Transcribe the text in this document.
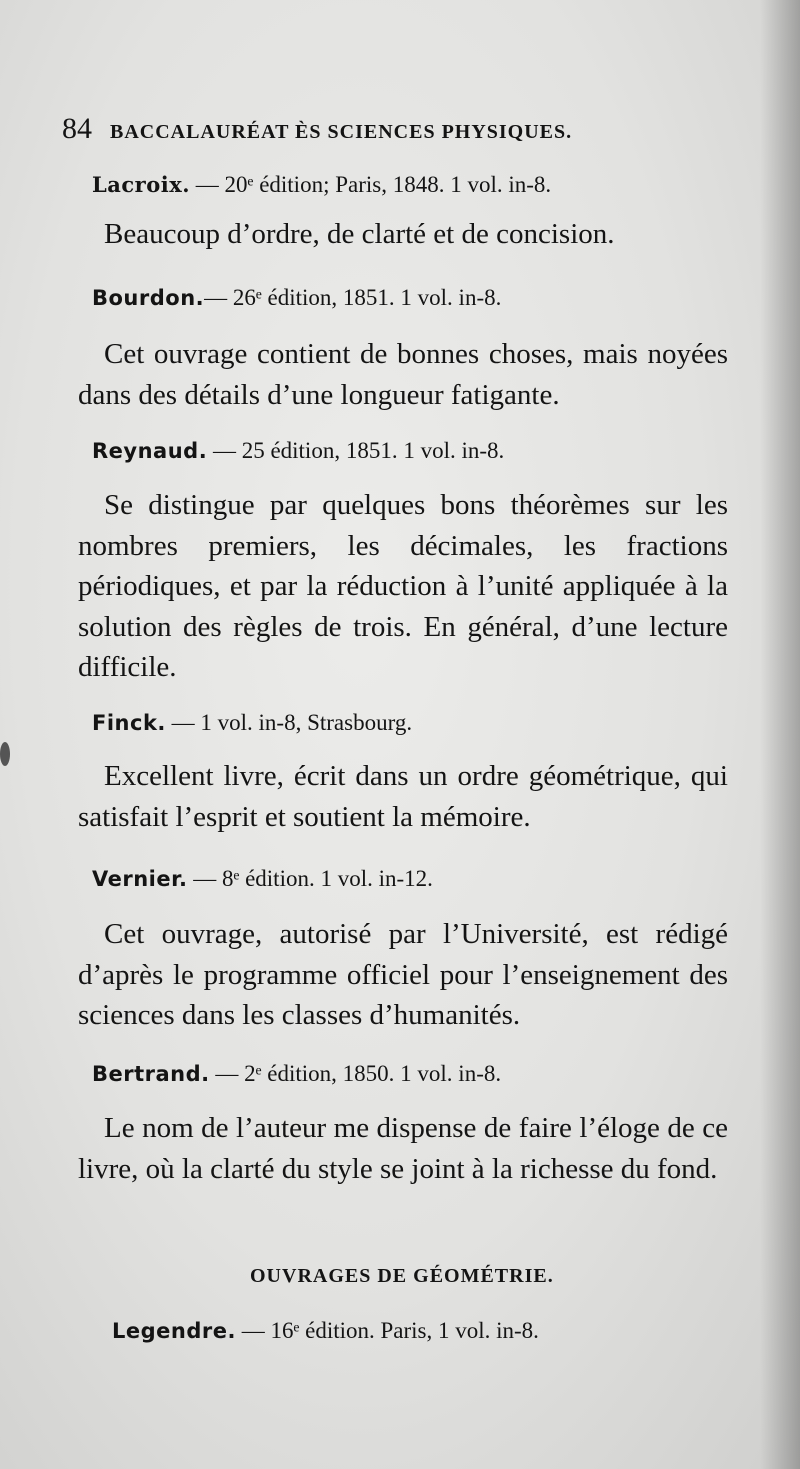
84 BACCALAURÉAT ÈS SCIENCES PHYSIQUES.
Lacroix. — 20ᵉ édition; Paris, 1848. 1 vol. in-8.
Beaucoup d’ordre, de clarté et de concision.
Bourdon.— 26ᵉ édition, 1851. 1 vol. in-8.
Cet ouvrage contient de bonnes choses, mais noyées dans des détails d’une longueur fatigante.
Reynaud. — 25 édition, 1851. 1 vol. in-8.
Se distingue par quelques bons théorèmes sur les nombres premiers, les décimales, les fractions périodiques, et par la réduction à l’unité appliquée à la solution des règles de trois. En général, d’une lecture difficile.
Finck. — 1 vol. in-8, Strasbourg.
Excellent livre, écrit dans un ordre géométrique, qui satisfait l’esprit et soutient la mémoire.
Vernier. — 8ᵉ édition. 1 vol. in-12.
Cet ouvrage, autorisé par l’Université, est rédigé d’après le programme officiel pour l’enseignement des sciences dans les classes d’humanités.
Bertrand. — 2ᵉ édition, 1850. 1 vol. in-8.
Le nom de l’auteur me dispense de faire l’éloge de ce livre, où la clarté du style se joint à la richesse du fond.
OUVRAGES DE GÉOMÉTRIE.
Legendre. — 16ᵉ édition. Paris, 1 vol. in-8.
